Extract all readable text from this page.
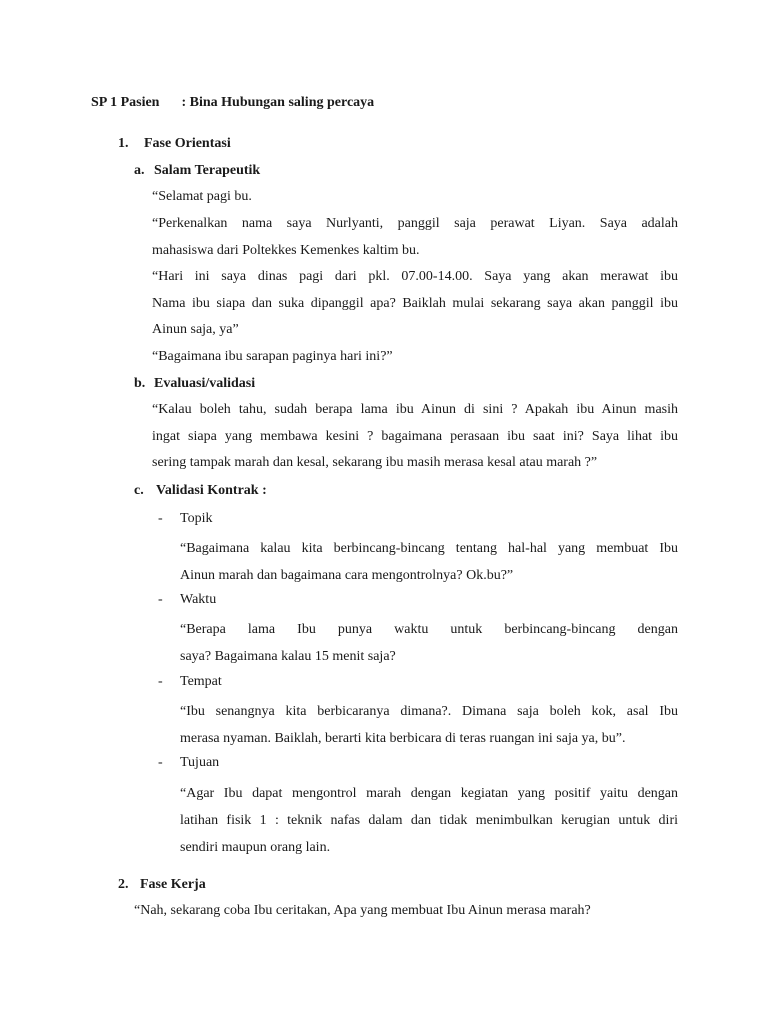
SP 1 Pasien : Bina Hubungan saling percaya
1. Fase Orientasi
a. Salam Terapeutik
“Selamat pagi bu.
“Perkenalkan nama saya Nurlyanti, panggil saja perawat Liyan. Saya adalah
mahasiswa dari Poltekkes Kemenkes kaltim bu.
“Hari ini saya dinas pagi dari pkl. 07.00-14.00. Saya yang akan merawat ibu
Nama ibu siapa dan suka dipanggil apa? Baiklah mulai sekarang saya akan panggil ibu
Ainun saja, ya”
“Bagaimana ibu sarapan paginya hari ini?”
b. Evaluasi/validasi
“Kalau boleh tahu, sudah berapa lama ibu Ainun di sini ? Apakah ibu Ainun masih
ingat siapa yang membawa kesini ? bagaimana perasaan ibu saat ini? Saya lihat ibu
sering tampak marah dan kesal, sekarang ibu masih merasa kesal atau marah ?”
c. Validasi Kontrak :
- Topik
“Bagaimana kalau kita berbincang-bincang tentang hal-hal yang membuat Ibu
Ainun marah dan bagaimana cara mengontrolnya? Ok.bu?”
- Waktu
“Berapa lama Ibu punya waktu untuk berbincang-bincang dengan
saya? Bagaimana kalau 15 menit saja?
- Tempat
“Ibu senangnya kita berbicaranya dimana?. Dimana saja boleh kok, asal Ibu
merasa nyaman. Baiklah, berarti kita berbicara di teras ruangan ini saja ya, bu”.
- Tujuan
“Agar Ibu dapat mengontrol marah dengan kegiatan yang positif yaitu dengan
latihan fisik 1 : teknik nafas dalam dan tidak menimbulkan kerugian untuk diri
sendiri maupun orang lain.
2. Fase Kerja
“Nah, sekarang coba Ibu ceritakan, Apa yang membuat Ibu Ainun merasa marah?
